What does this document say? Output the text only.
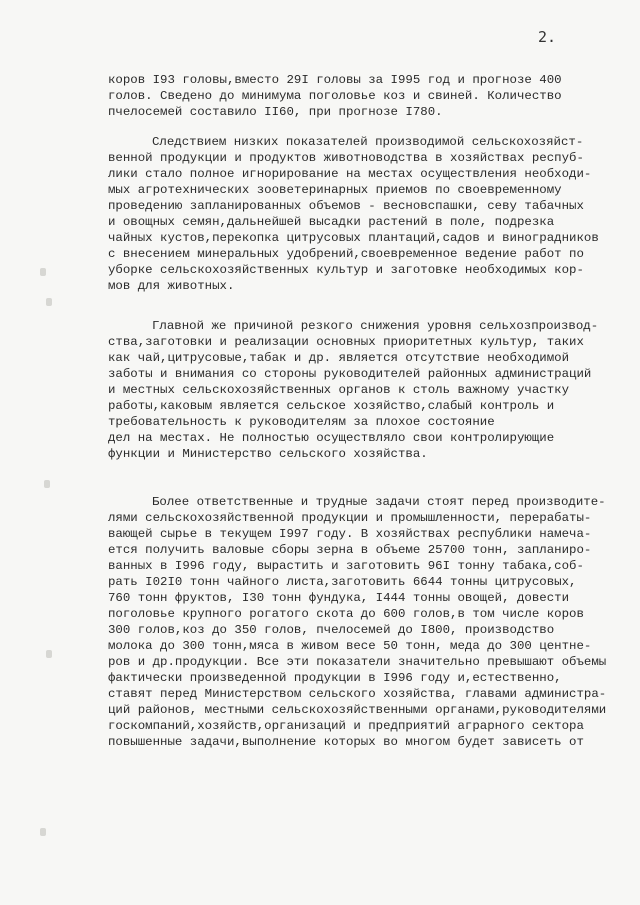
2.
коров I93 головы,вместо 29I головы за I995 год и прогнозе 400
голов. Сведено до минимума поголовье коз и свиней. Количество
пчелосемей составило II60, при прогнозе I780.
Следствием низких показателей производимой сельскохозяйст-
венной продукции и продуктов животноводства в хозяйствах респуб-
лики стало полное игнорирование на местах осуществления необходи-
мых агротехнических зооветеринарных приемов по своевременному
проведению запланированных объемов - весновспашки, севу табачных
и овощных семян,дальнейшей высадки растений в поле, подрезка
чайных кустов,перекопка цитрусовых плантаций,садов и виноградников
с внесением минеральных удобрений,своевременное ведение работ по
уборке сельскохозяйственных культур и заготовке необходимых кор-
мов для животных.
Главной же причиной резкого снижения уровня сельхозпроизвод-
ства,заготовки и реализации основных приоритетных культур, таких
как чай,цитрусовые,табак и др. является отсутствие необходимой
заботы и внимания со стороны руководителей районных администраций
и местных сельскохозяйственных органов к столь важному участку
работы,каковым является сельское хозяйство,слабый контроль и
требовательность к руководителям за плохое состояние
дел на местах. Не полностью осуществляло свои контролирующие
функции и Министерство сельского хозяйства.
Более ответственные и трудные задачи стоят перед производите-
лями сельскохозяйственной продукции и промышленности, перерабаты-
вающей сырье в текущем I997 году. В хозяйствах республики намеча-
ется получить валовые сборы зерна в объеме 25700 тонн, запланиро-
ванных в I996 году, вырастить и заготовить 96I тонну табака,соб-
рать I02I0 тонн чайного листа,заготовить 6644 тонны цитрусовых,
760 тонн фруктов, I30 тонн фундука, I444 тонны овощей, довести
поголовье крупного рогатого скота до 600 голов,в том числе коров
300 голов,коз до 350 голов, пчелосемей до I800, производство
молока до 300 тонн,мяса в живом весе 50 тонн, меда до 300 центне-
ров и др.продукции. Все эти показатели значительно превышают объемы
фактически произведенной продукции в I996 году и,естественно,
ставят перед Министерством сельского хозяйства, главами администра-
ций районов, местными сельскохозяйственными органами,руководителями
госкомпаний,хозяйств,организаций и предприятий аграрного сектора
повышенные задачи,выполнение которых во многом будет зависеть от
